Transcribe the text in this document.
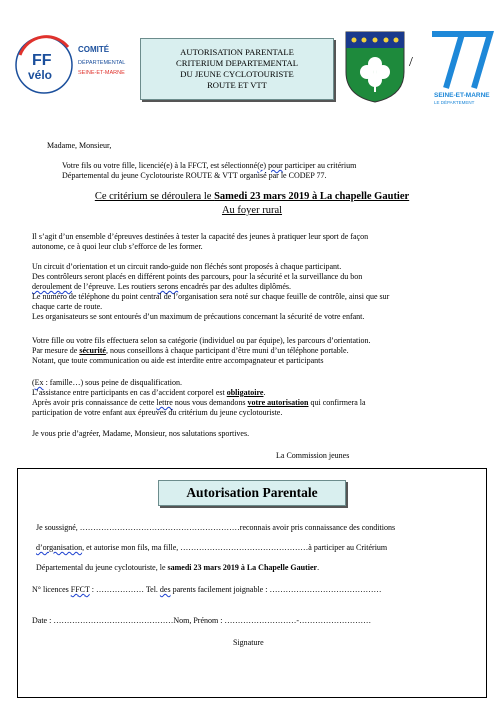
FF
vélo
COMITÉ
DÉPARTEMENTAL
SEINE-ET-MARNE
AUTORISATION PARENTALE
CRITERIUM DEPARTEMENTAL
DU JEUNE CYCLOTOURISTE
ROUTE ET VTT
/
SEINE-ET-MARNE
LE DÉPARTEMENT
Madame, Monsieur,
Votre fils ou votre fille, licencié(e) à la FFCT, est sélectionné(e) pour participer au critérium
Départemental du jeune Cyclotouriste ROUTE & VTT organisé par le CODEP 77.
Ce critérium se déroulera le Samedi 23 mars 2019 à La chapelle Gautier
Au foyer rural
Il s’agit d’un ensemble d’épreuves destinées à tester la capacité des jeunes à pratiquer leur sport de façon
autonome, ce à quoi leur club s’efforce de les former.
Un circuit d’orientation et un circuit rando-guide non fléchés sont proposés à chaque participant.
Des contrôleurs seront placés en différent points des parcours, pour la sécurité et la surveillance du bon
deroulement de l’épreuve. Les routiers serons encadrés par des adultes diplômés.
Le numéro de téléphone du point central de l’organisation sera noté sur chaque feuille de contrôle, ainsi que sur
chaque carte de route.
Les organisateurs se sont entourés d’un maximum de précautions concernant la sécurité de votre enfant.
Votre fille ou votre fils effectuera selon sa catégorie (individuel ou par équipe), les parcours d’orientation.
Par mesure de sécurité, nous conseillons à chaque participant d’être muni d’un téléphone portable.
Notant, que toute communication ou aide est interdite entre accompagnateur et participants
(Ex : famille…) sous peine de disqualification.
L’assistance entre participants en cas d’accident corporel est obligatoire.
Après avoir pris connaissance de cette lettre nous vous demandons votre autorisation qui confirmera la
participation de votre enfant aux épreuves du critérium du jeune cyclotouriste.
Je vous prie d’agréer, Madame, Monsieur, nos salutations sportives.
La Commission jeunes
Autorisation Parentale
Je soussigné, ……………………………………………………reconnais avoir pris connaissance des conditions
d’organisation, et autorise mon fils, ma fille, …………………………………………à participer au Critérium
Départemental du jeune cyclotouriste, le samedi 23 mars 2019 à La Chapelle Gautier.
N° licences FFCT : ……………… Tel. des parents facilement joignable : ……………………………………
Date : ………………………………………Nom, Prénom : ………………………-………………………
Signature
